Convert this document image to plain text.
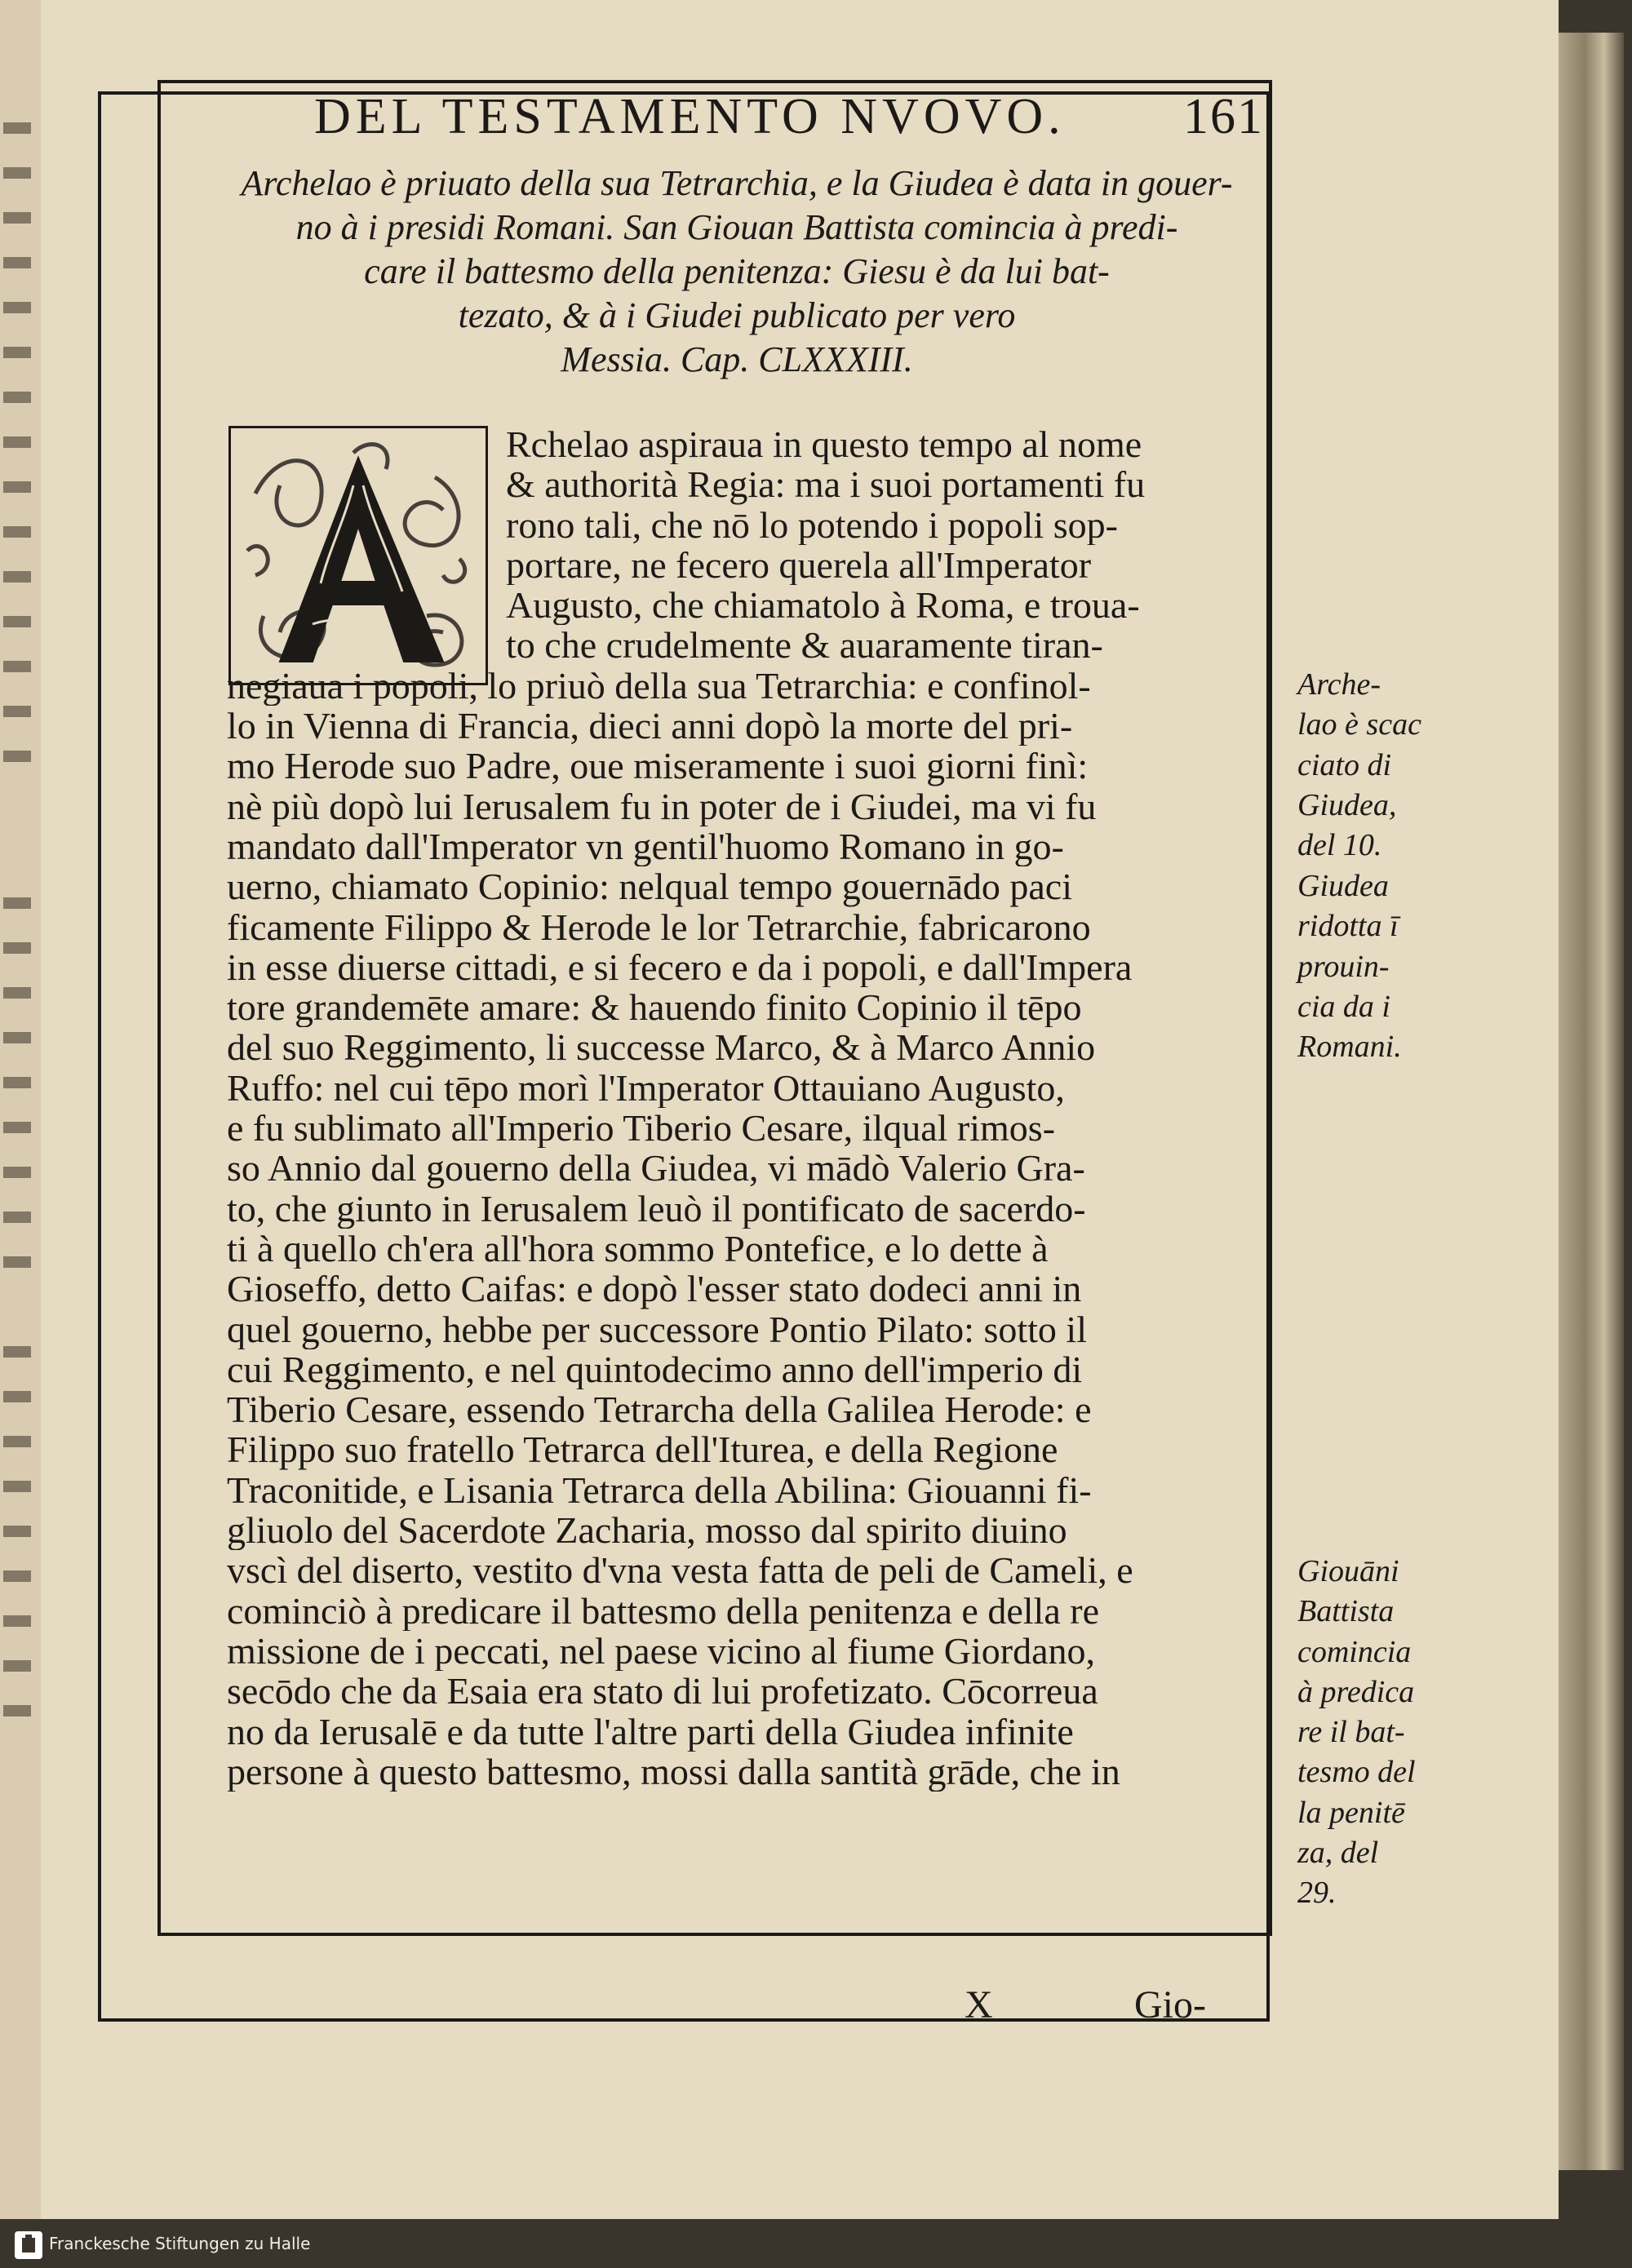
DEL TESTAMENTO NVOVO. 161
Archelao è priuato della sua Tetrarchia, e la Giudea è data in gouer-
no à i presidi Romani. San Giouan Battista comincia à predi-
care il battesmo della penitenza: Giesu è da lui bat-
tezato, & à i Giudei publicato per vero
Messia. Cap. CLXXXIII.
A
Rchelao aspiraua in questo tempo al nome
& authorità Regia: ma i suoi portamenti fu
rono tali, che nō lo potendo i popoli sop-
portare, ne fecero querela all'Imperator
Augusto, che chiamatolo à Roma, e troua-
to che crudelmente & auaramente tiran-
negiaua i popoli, lo priuò della sua Tetrarchia: e confinol-
lo in Vienna di Francia, dieci anni dopò la morte del pri-
mo Herode suo Padre, oue miseramente i suoi giorni finì:
nè più dopò lui Ierusalem fu in poter de i Giudei, ma vi fu
mandato dall'Imperator vn gentil'huomo Romano in go-
uerno, chiamato Copinio: nelqual tempo gouernādo paci
ficamente Filippo & Herode le lor Tetrarchie, fabricarono
in esse diuerse cittadi, e si fecero e da i popoli, e dall'Impera
tore grandemēte amare: & hauendo finito Copinio il tēpo
del suo Reggimento, li successe Marco, & à Marco Annio
Ruffo: nel cui tēpo morì l'Imperator Ottauiano Augusto,
e fu sublimato all'Imperio Tiberio Cesare, ilqual rimos-
so Annio dal gouerno della Giudea, vi mādò Valerio Gra-
to, che giunto in Ierusalem leuò il pontificato de sacerdo-
ti à quello ch'era all'hora sommo Pontefice, e lo dette à
Gioseffo, detto Caifas: e dopò l'esser stato dodeci anni in
quel gouerno, hebbe per successore Pontio Pilato: sotto il
cui Reggimento, e nel quintodecimo anno dell'imperio di
Tiberio Cesare, essendo Tetrarcha della Galilea Herode: e
Filippo suo fratello Tetrarca dell'Iturea, e della Regione
Traconitide, e Lisania Tetrarca della Abilina: Giouanni fi-
gliuolo del Sacerdote Zacharia, mosso dal spirito diuino
vscì del diserto, vestito d'vna vesta fatta de peli de Cameli, e
cominciò à predicare il battesmo della penitenza e della re
missione de i peccati, nel paese vicino al fiume Giordano,
secōdo che da Esaia era stato di lui profetizato. Cōcorreua
no da Ierusalē e da tutte l'altre parti della Giudea infinite
persone à questo battesmo, mossi dalla santità grāde, che in
Arche-
lao è scac
ciato di
Giudea,
del 10.
Giudea
ridotta ī
prouin-
cia da i
Romani.
Giouāni
Battista
comincia
à predica
re il bat-
tesmo del
la penitē
za, del
29.
X	Gio-
Franckesche Stiftungen zu Halle
